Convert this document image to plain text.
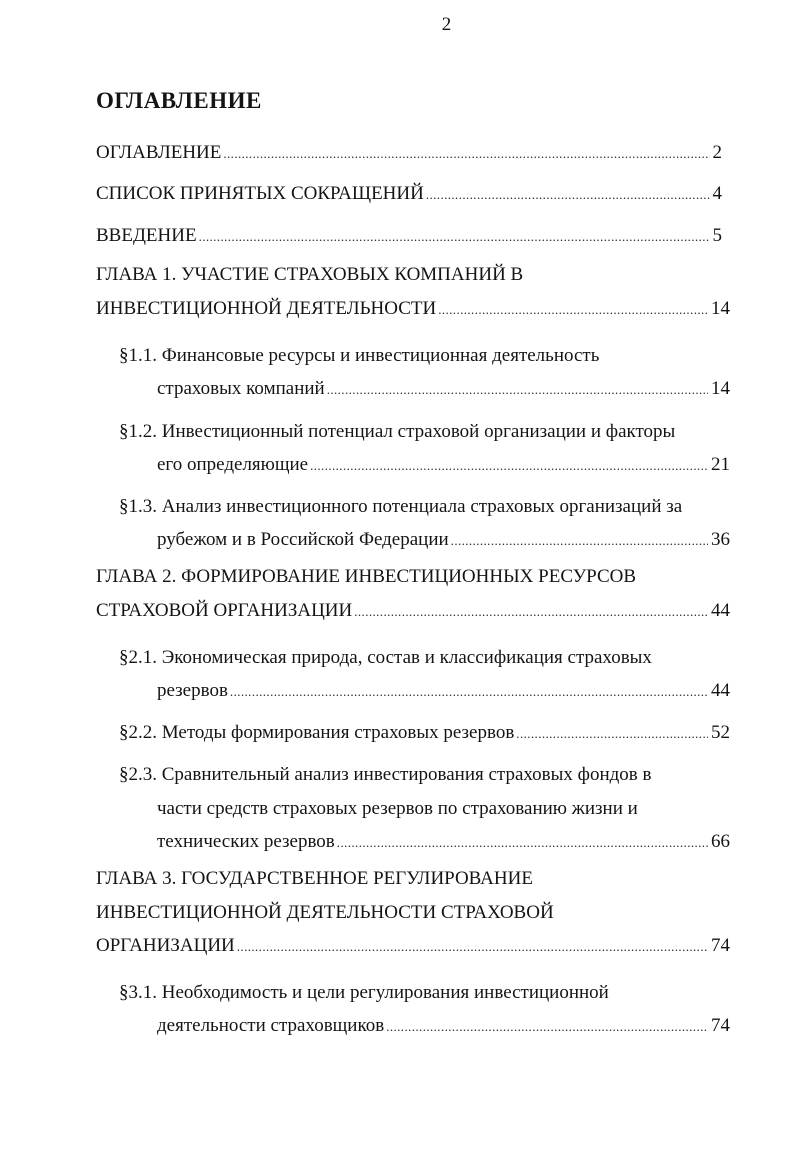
2
ОГЛАВЛЕНИЕ
ОГЛАВЛЕНИЕ .....	2
СПИСОК ПРИНЯТЫХ СОКРАЩЕНИЙ .....	4
ВВЕДЕНИЕ .....	5
ГЛАВА 1. УЧАСТИЕ СТРАХОВЫХ КОМПАНИЙ В
ИНВЕСТИЦИОННОЙ ДЕЯТЕЛЬНОСТИ .....	14
§1.1. Финансовые ресурсы и инвестиционная деятельность
страховых компаний .....	14
§1.2. Инвестиционный потенциал страховой организации и факторы
его определяющие .....	21
§1.3. Анализ инвестиционного потенциала страховых организаций за
рубежом и в Российской Федерации .....	36
ГЛАВА 2. ФОРМИРОВАНИЕ ИНВЕСТИЦИОННЫХ РЕСУРСОВ
СТРАХОВОЙ ОРГАНИЗАЦИИ .....	44
§2.1. Экономическая природа, состав и классификация страховых
резервов .....	44
§2.2. Методы формирования страховых резервов .....	52
§2.3. Сравнительный анализ инвестирования страховых фондов в
части средств страховых резервов по страхованию жизни и
технических резервов .....	66
ГЛАВА 3. ГОСУДАРСТВЕННОЕ РЕГУЛИРОВАНИЕ
ИНВЕСТИЦИОННОЙ ДЕЯТЕЛЬНОСТИ СТРАХОВОЙ
ОРГАНИЗАЦИИ .....	74
§3.1. Необходимость и цели регулирования инвестиционной
деятельности страховщиков .....	74
